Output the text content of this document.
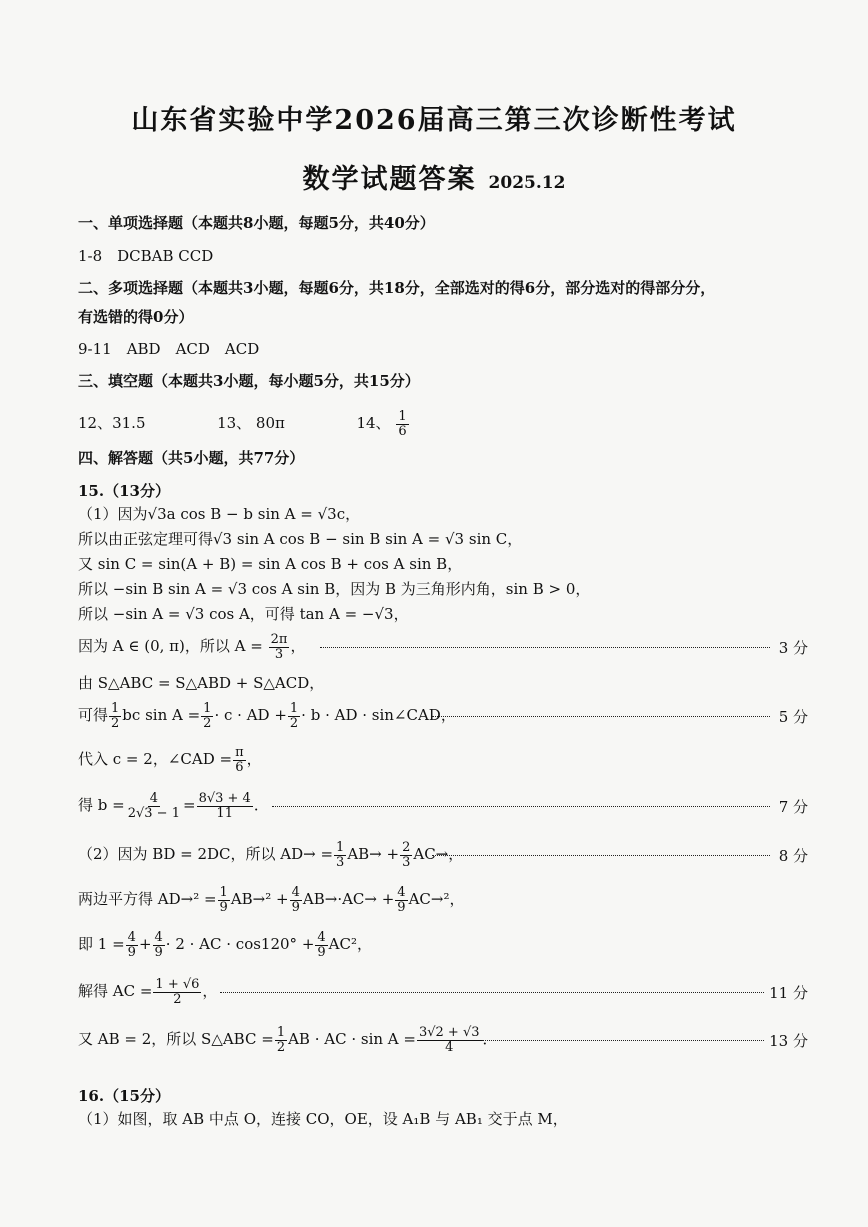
山东省实验中学2026届高三第三次诊断性考试
数学试题答案 2025.12
一、单项选择题（本题共8小题，每题5分，共40分）
1-8　DCBAB CCD
二、多项选择题（本题共3小题，每题6分，共18分，全部选对的得6分，部分选对的得部分分，
有选错的得0分）
9-11　ABD　ACD　ACD
三、填空题（本题共3小题，每小题5分，共15分）
12、31.5	13、 80π	14、 $\frac{1}{6}$
四、解答题（共5小题，共77分）
15.（13分）
（1）因为√3a cos B − b sin A = √3c，
所以由正弦定理可得√3 sin A cos B − sin B sin A = √3 sin C，
又 sin C = sin(A + B) = sin A cos B + cos A sin B，
所以 −sin B sin A = √3 cos A sin B，因为 B 为三角形内角，sin B > 0，
所以 −sin A = √3 cos A，可得 tan A = −√3，
因为 A ∈ (0, π)，所以 $A = \frac{2\pi}{3}$ ，	3 分
由 S△ABC = S△ABD + S△ACD，
可得 $\frac{1}{2}$ bc $\sin A = \frac{1}{2} \cdot c$ · AD + $\frac{1}{2} \cdot b$ · AD · sin∠CAD，	5 分
代入 c = 2，∠CAD = $\frac{\pi}{6}$ ，
得 $b = \frac{4}{2√3 - 1} = \frac{8√3 + 4}{11}$ ．	7 分
（2）因为 BD = 2DC，所以 $AD\to = \frac{1}{3} AB\to + \frac{2}{3} AC\to$，	8 分
两边平方得 $AD\to^2 = \frac{1}{9} AB\to^2 + \frac{4}{9} AB\to\cdot AC\to + \frac{4}{9} AC\to^2$，
即 $1 = \frac{4}{9} + \frac{4}{9} \cdot 2$ · AC · $\cos 120^\circ + \frac{4}{9} AC^2$，
解得 AC = $\frac{1 + √6}{2}$ ，	11 分
又 AB = 2，所以 S△ABC = $\frac{1}{2}$ AB · AC · $\sin A = \frac{3√2 + √3}{4}$ ．	13 分
16.（15分）
（1）如图，取 AB 中点 O，连接 CO，OE，设 A₁B 与 AB₁ 交于点 M，
